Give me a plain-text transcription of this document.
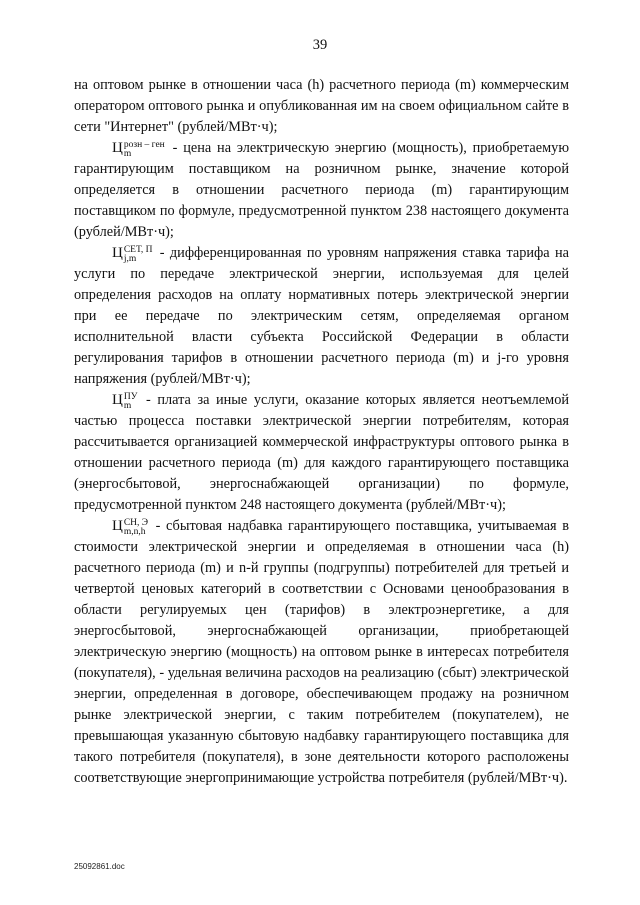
39

на оптовом рынке в отношении часа (h) расчетного периода (m) коммерческим оператором оптового рынка и опубликованная им на своем официальном сайте в сети "Интернет" (рублей/МВт·ч);

Ц розн – ген
m	- цена на электрическую энергию (мощность), приобретаемую гарантирующим поставщиком на розничном рынке, значение которой определяется в отношении расчетного периода (m) гарантирующим поставщиком по формуле, предусмотренной пунктом 238 настоящего документа (рублей/МВт·ч);

Ц СЕТ, П
j,m	- дифференцированная по уровням напряжения ставка тарифа на услуги по передаче электрической энергии, используемая для целей определения расходов на оплату нормативных потерь электрической энергии при ее передаче по электрическим сетям, определяемая органом исполнительной власти субъекта Российской Федерации в области регулирования тарифов в отношении расчетного периода (m) и j-го уровня напряжения (рублей/МВт·ч);

Ц ПУ
m - плата за иные услуги, оказание которых является неотъемлемой частью процесса поставки электрической энергии потребителям, которая рассчитывается организацией коммерческой инфраструктуры оптового рынка в отношении расчетного периода (m) для каждого гарантирующего поставщика (энергосбытовой, энергоснабжающей организации) по формуле, предусмотренной пунктом 248 настоящего документа (рублей/МВт·ч);

Ц СН, Э
m,n,h - сбытовая надбавка гарантирующего поставщика, учитываемая в стоимости электрической энергии и определяемая в отношении часа (h) расчетного периода (m) и n-й группы (подгруппы) потребителей для третьей и четвертой ценовых категорий в соответствии с Основами ценообразования в области регулируемых цен (тарифов) в электроэнергетике, а для энергосбытовой, энергоснабжающей организации, приобретающей электрическую энергию (мощность) на оптовом рынке в интересах потребителя (покупателя), - удельная величина расходов на реализацию (сбыт) электрической энергии, определенная в договоре, обеспечивающем продажу на розничном рынке электрической энергии, с таким потребителем (покупателем), не превышающая указанную сбытовую надбавку гарантирующего поставщика для такого потребителя (покупателя), в зоне деятельности которого расположены соответствующие энергопринимающие устройства потребителя (рублей/МВт·ч).

25092861.doc
